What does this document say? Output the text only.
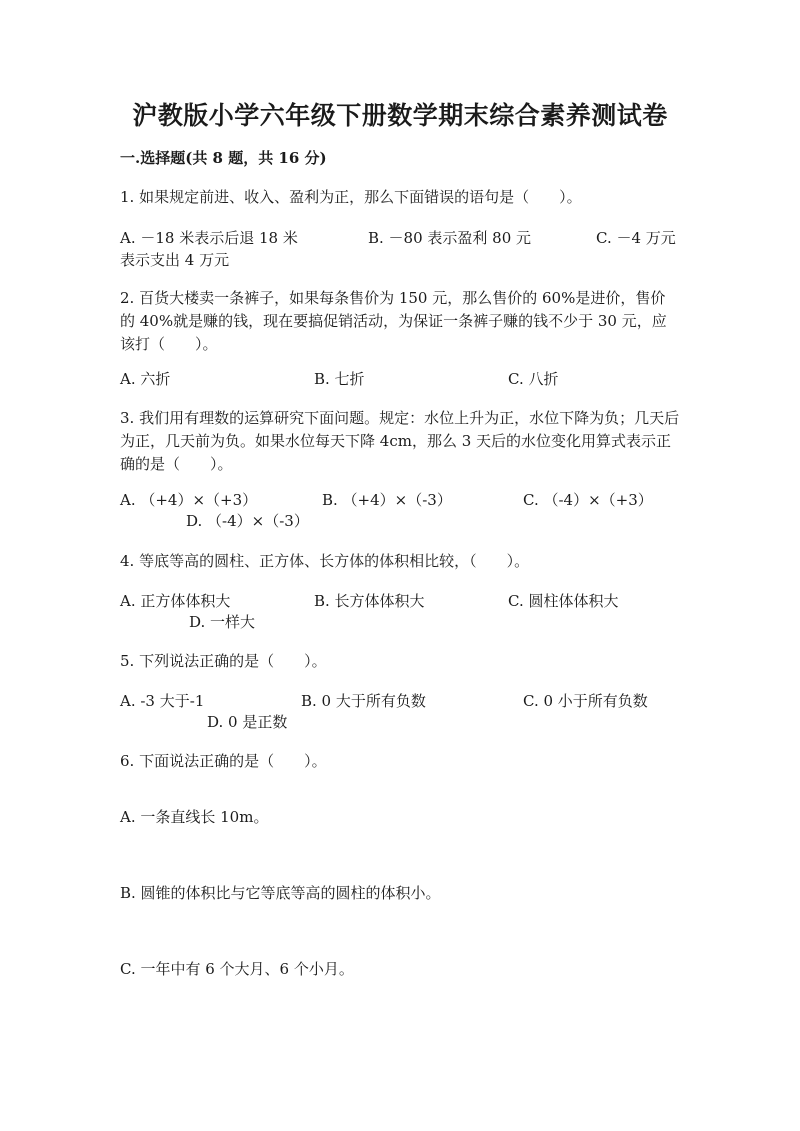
沪教版小学六年级下册数学期末综合素养测试卷
一.选择题(共 8 题，共 16 分)
1. 如果规定前进、收入、盈利为正，那么下面错误的语句是（　　）。
A. －18 米表示后退 18 米	B. －80 表示盈利 80 元	C. －4 万元
表示支出 4 万元
2. 百货大楼卖一条裤子，如果每条售价为 150 元，那么售价的 60%是进价，售价的 40%就是赚的钱，现在要搞促销活动，为保证一条裤子赚的钱不少于 30 元，应该打（　　）。
A. 六折	B. 七折	C. 八折
3. 我们用有理数的运算研究下面问题。规定：水位上升为正，水位下降为负；几天后为正，几天前为负。如果水位每天下降 4cm，那么 3 天后的水位变化用算式表示正确的是（　　）。
A. （+4）×（+3）	B. （+4）×（-3）	C. （-4）×（+3）
D. （-4）×（-3）
4. 等底等高的圆柱、正方体、长方体的体积相比较，（　　）。
A. 正方体体积大	B. 长方体体积大	C. 圆柱体体积大
D. 一样大
5. 下列说法正确的是（　　）。
A. -3 大于-1	B. 0 大于所有负数	C. 0 小于所有负数
D. 0 是正数
6. 下面说法正确的是（　　）。
A. 一条直线长 10m。
B. 圆锥的体积比与它等底等高的圆柱的体积小。
C. 一年中有 6 个大月、6 个小月。
